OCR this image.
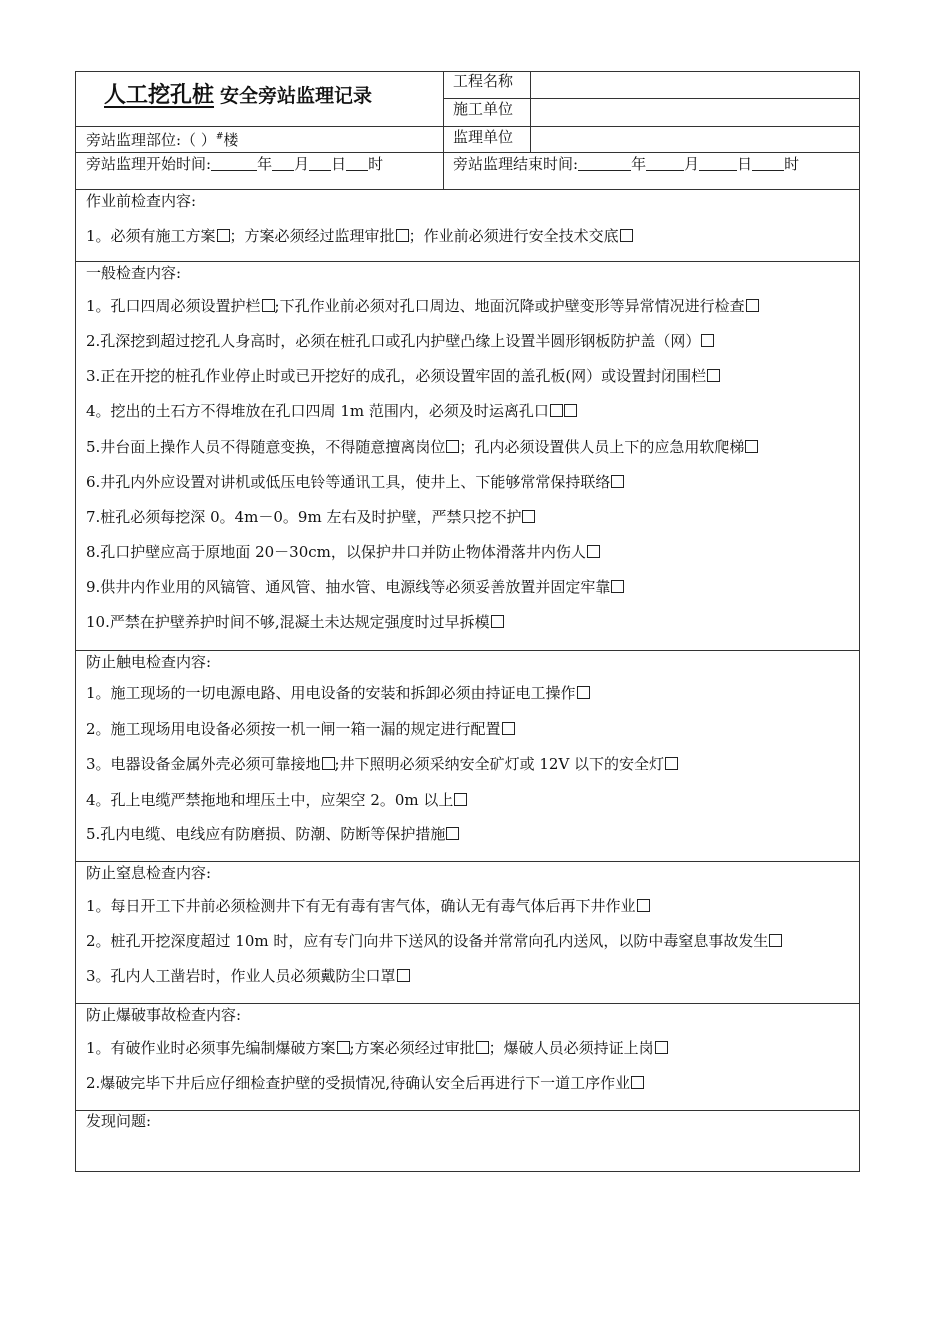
人工挖孔桩 安全旁站监理记录
工程名称
施工单位
监理单位
旁站监理部位:（ ）#楼
旁站监理开始时间:	年 月 日 时	旁站监理结束时间:	年	月	日 时
作业前检查内容:
1。必须有施工方案 ；方案必须经过监理审批 ；作业前必须进行安全技术交底
一般检查内容:
1。孔口四周必须设置护栏 ;下孔作业前必须对孔口周边、地面沉降或护壁变形等异常情况进行检查
2.孔深挖到超过挖孔人身高时，必须在桩孔口或孔内护壁凸缘上设置半圆形钢板防护盖（网）
3.正在开挖的桩孔作业停止时或已开挖好的成孔，必须设置牢固的盖孔板(网）或设置封闭围栏
4。挖出的土石方不得堆放在孔口四周 1m 范围内，必须及时运离孔口
5.井台面上操作人员不得随意变换，不得随意擅离岗位 ；孔内必须设置供人员上下的应急用软爬梯
6.井孔内外应设置对讲机或低压电铃等通讯工具，使井上、下能够常常保持联络
7.桩孔必须每挖深 0。4m－0。9m 左右及时护壁，严禁只挖不护
8.孔口护壁应高于原地面 20－30cm，以保护井口并防止物体滑落井内伤人
9.供井内作业用的风镐管、通风管、抽水管、电源线等必须妥善放置并固定牢靠
10.严禁在护壁养护时间不够,混凝土未达规定强度时过早拆模
防止触电检查内容:
1。施工现场的一切电源电路、用电设备的安装和拆卸必须由持证电工操作
2。施工现场用电设备必须按一机一闸一箱一漏的规定进行配置
3。电器设备金属外壳必须可靠接地 ;井下照明必须采纳安全矿灯或 12V 以下的安全灯
4。孔上电缆严禁拖地和埋压土中，应架空 2。0m 以上
5.孔内电缆、电线应有防磨损、防潮、防断等保护措施
防止窒息检查内容:
1。每日开工下井前必须检测井下有无有毒有害气体，确认无有毒气体后再下井作业
2。桩孔开挖深度超过 10m 时，应有专门向井下送风的设备并常常向孔内送风，以防中毒窒息事故发生
3。孔内人工凿岩时，作业人员必须戴防尘口罩
防止爆破事故检查内容:
1。有破作业时必须事先编制爆破方案 ;方案必须经过审批 ；爆破人员必须持证上岗
2.爆破完毕下井后应仔细检查护壁的受损情况,待确认安全后再进行下一道工序作业
发现问题:
